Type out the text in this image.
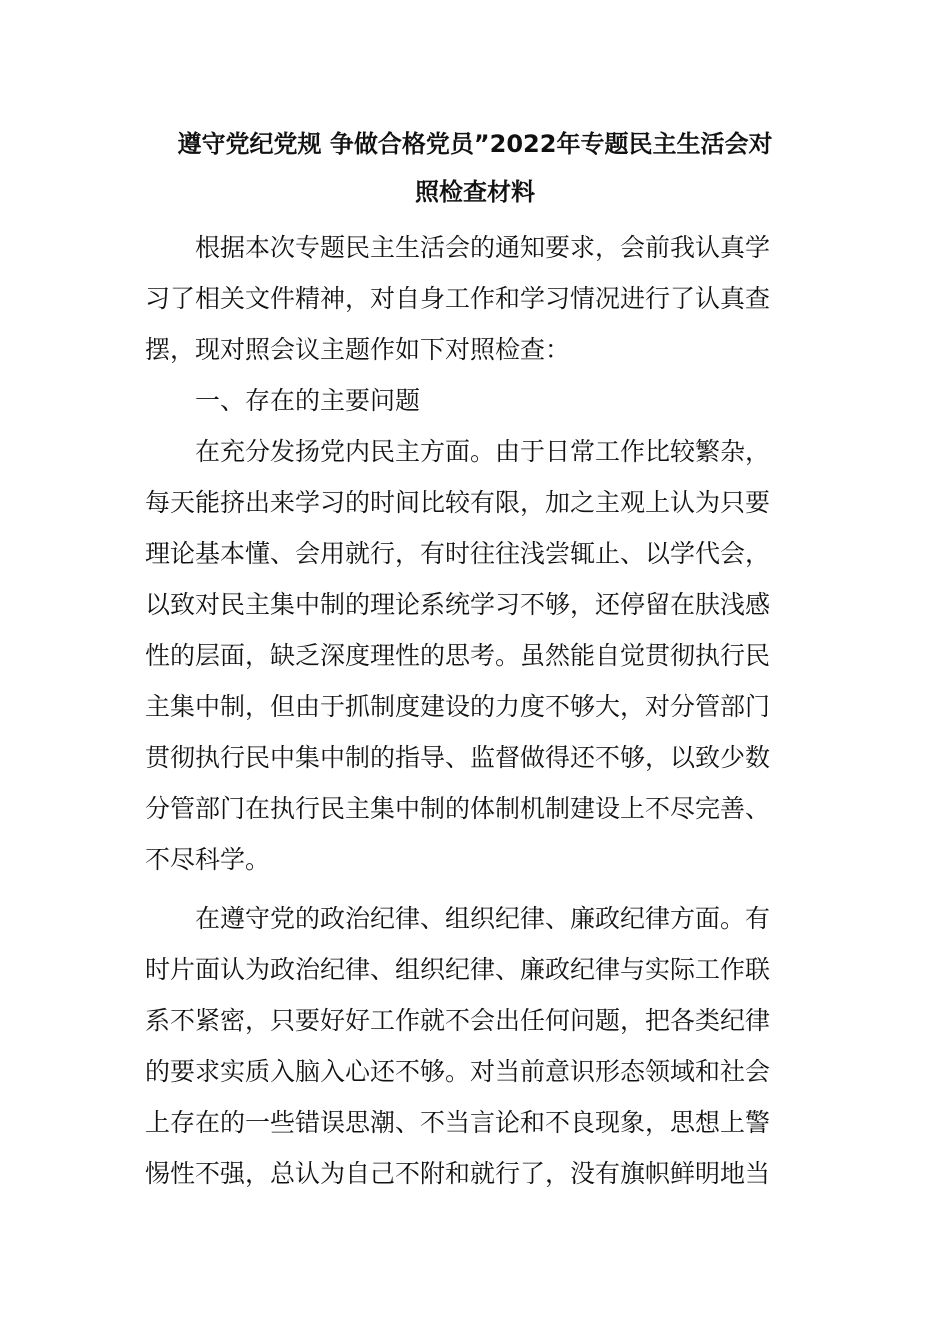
遵守党纪党规 争做合格党员”2022年专题民主生活会对
照检查材料
根据本次专题民主生活会的通知要求，会前我认真学
习了相关文件精神，对自身工作和学习情况进行了认真查
摆，现对照会议主题作如下对照检查：
一、存在的主要问题
在充分发扬党内民主方面。由于日常工作比较繁杂，
每天能挤出来学习的时间比较有限，加之主观上认为只要
理论基本懂、会用就行，有时往往浅尝辄止、以学代会，
以致对民主集中制的理论系统学习不够，还停留在肤浅感
性的层面，缺乏深度理性的思考。虽然能自觉贯彻执行民
主集中制，但由于抓制度建设的力度不够大，对分管部门
贯彻执行民中集中制的指导、监督做得还不够，以致少数
分管部门在执行民主集中制的体制机制建设上不尽完善、
不尽科学。
在遵守党的政治纪律、组织纪律、廉政纪律方面。有
时片面认为政治纪律、组织纪律、廉政纪律与实际工作联
系不紧密，只要好好工作就不会出任何问题，把各类纪律
的要求实质入脑入心还不够。对当前意识形态领域和社会
上存在的一些错误思潮、不当言论和不良现象，思想上警
惕性不强，总认为自己不附和就行了，没有旗帜鲜明地当
